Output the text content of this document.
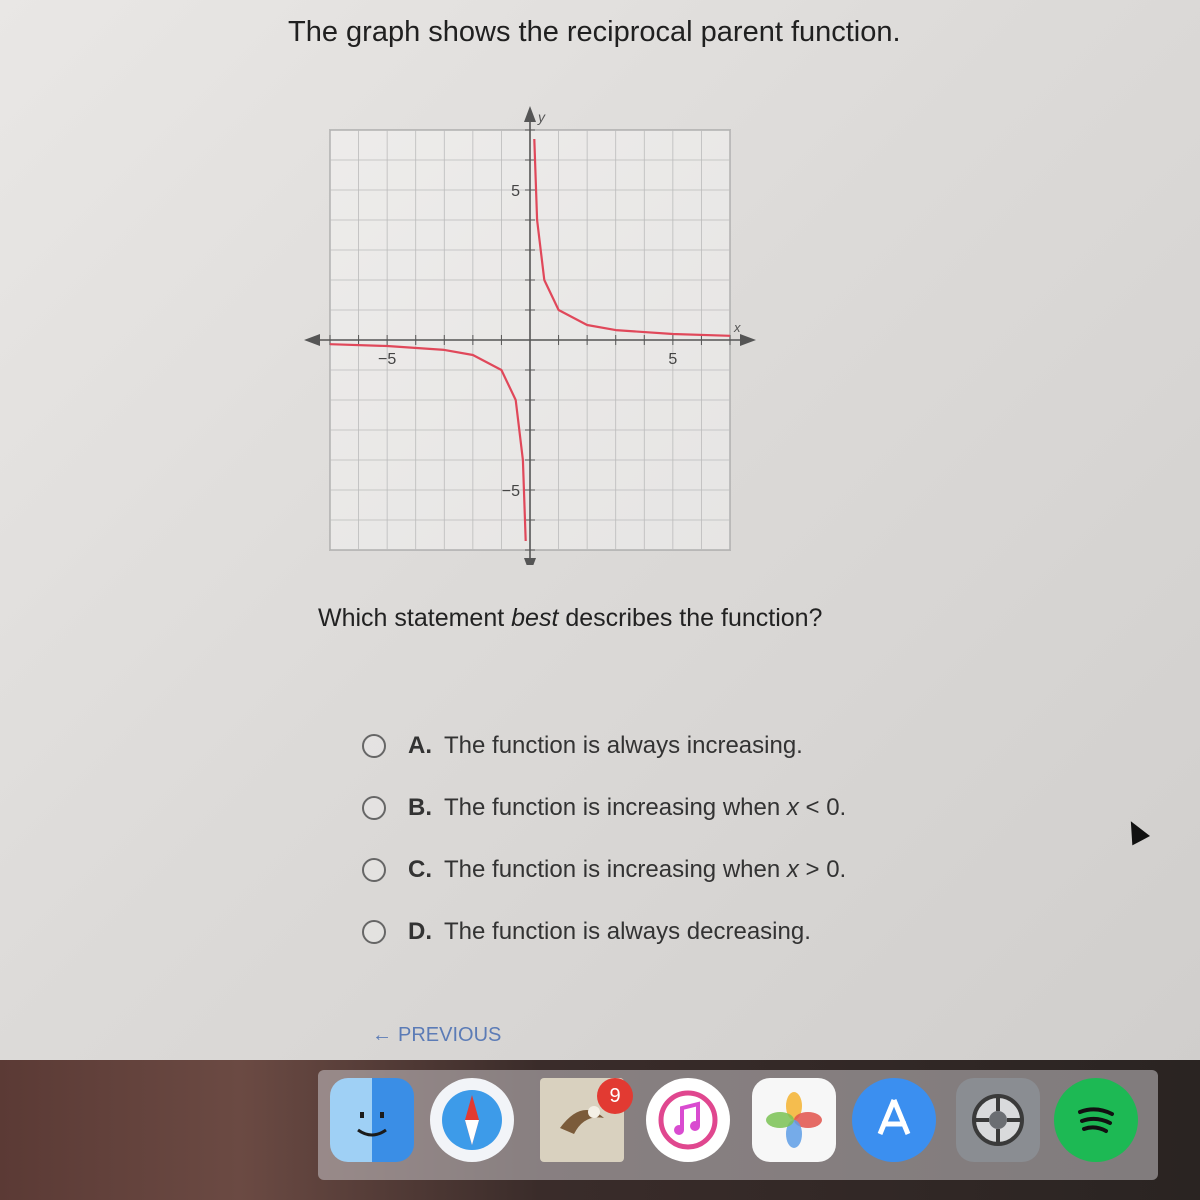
The graph shows the reciprocal parent function.
x
y
−5	5
5
−5
Which statement best describes the function?
A. The function is always increasing.
B. The function is increasing when x < 0.
C. The function is increasing when x > 0.
D. The function is always decreasing.
← PREVIOUS
9
